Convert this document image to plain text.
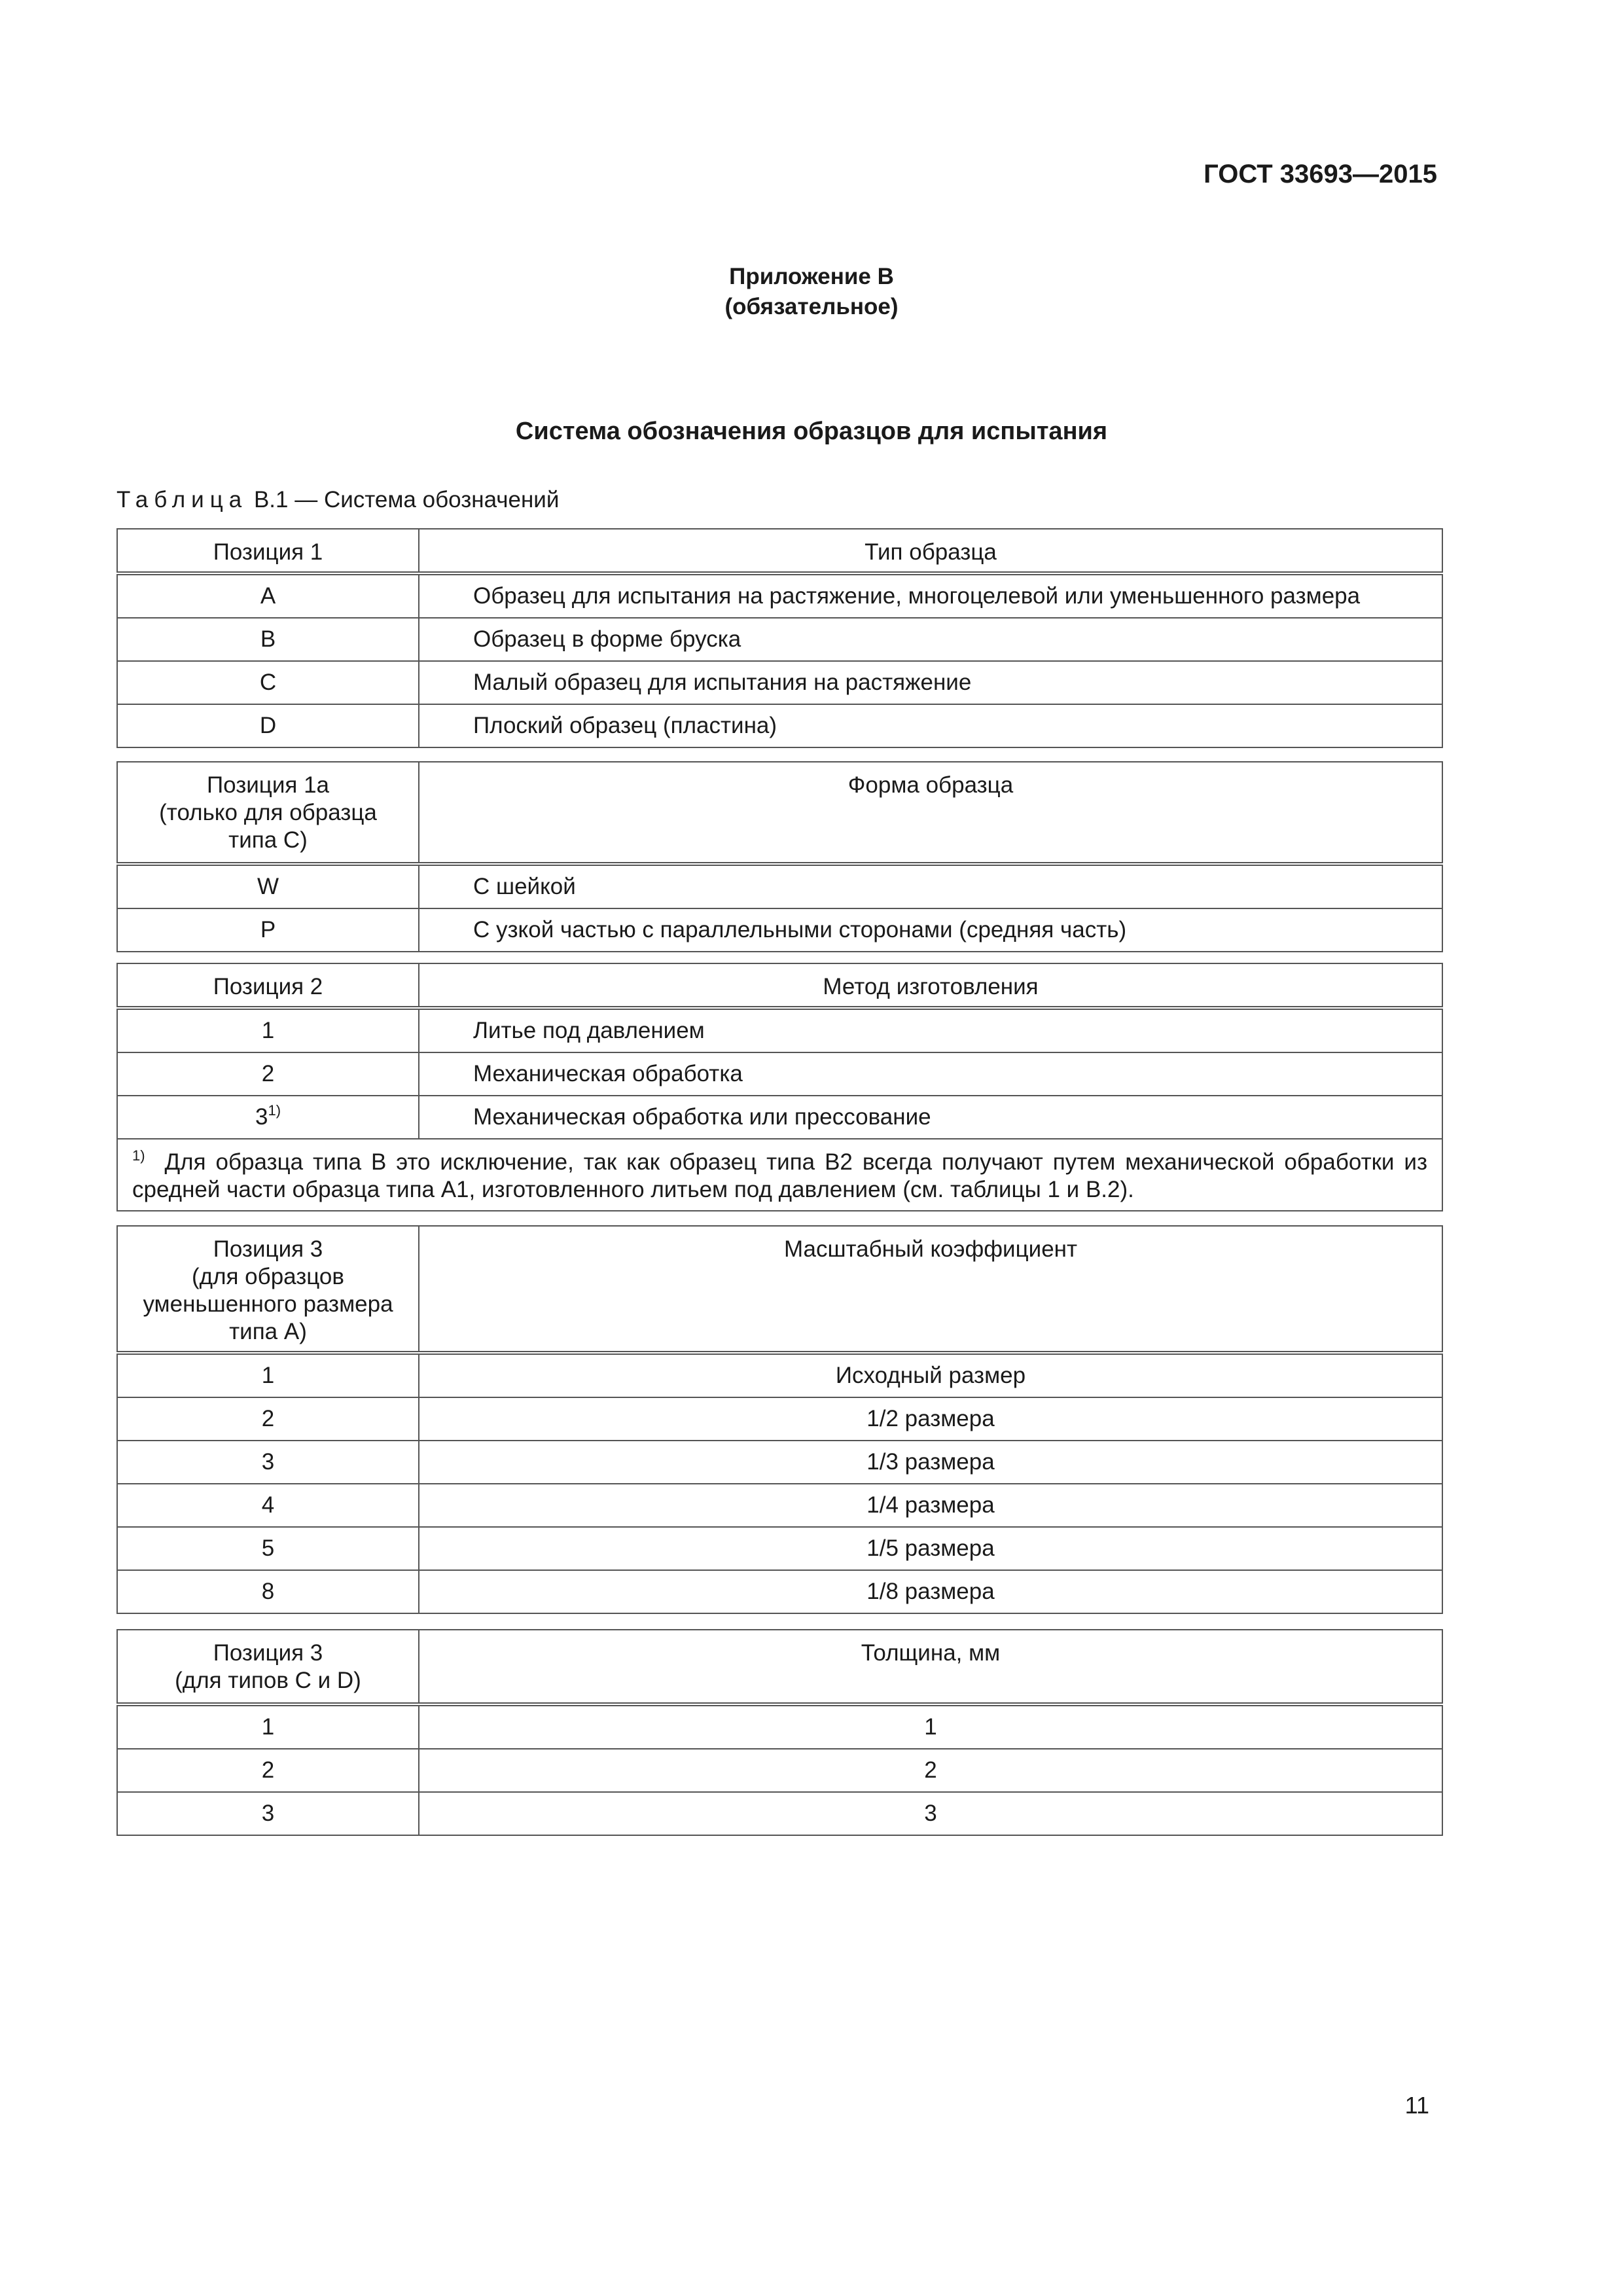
ГОСТ 33693—2015
Приложение В
(обязательное)
Система обозначения образцов для испытания
Таблица В.1 — Система обозначений
Позиция 1	Тип образца
A	Образец для испытания на растяжение, многоцелевой или уменьшенного размера
B	Образец в форме бруска
C	Малый образец для испытания на растяжение
D	Плоский образец (пластина)
Позиция 1а
(только для образца
типа С)	Форма образца
W	С шейкой
P	С узкой частью с параллельными сторонами (средняя часть)
Позиция 2	Метод изготовления
1	Литье под давлением
2	Механическая обработка
3$^{1)}$	Механическая обработка или прессование
$^{1)}$ Для образца типа В это исключение, так как образец типа В2 всегда получают путем механической обработки из средней части образца типа А1, изготовленного литьем под давлением (см. таблицы 1 и В.2).	
Позиция 3
(для образцов
уменьшенного размера
типа А)	Масштабный коэффициент
1	Исходный размер
2	1/2 размера
3	1/3 размера
4	1/4 размера
5	1/5 размера
8	1/8 размера
Позиция 3
(для типов С и D)	Толщина, мм
1	1
2	2
3	3
11
